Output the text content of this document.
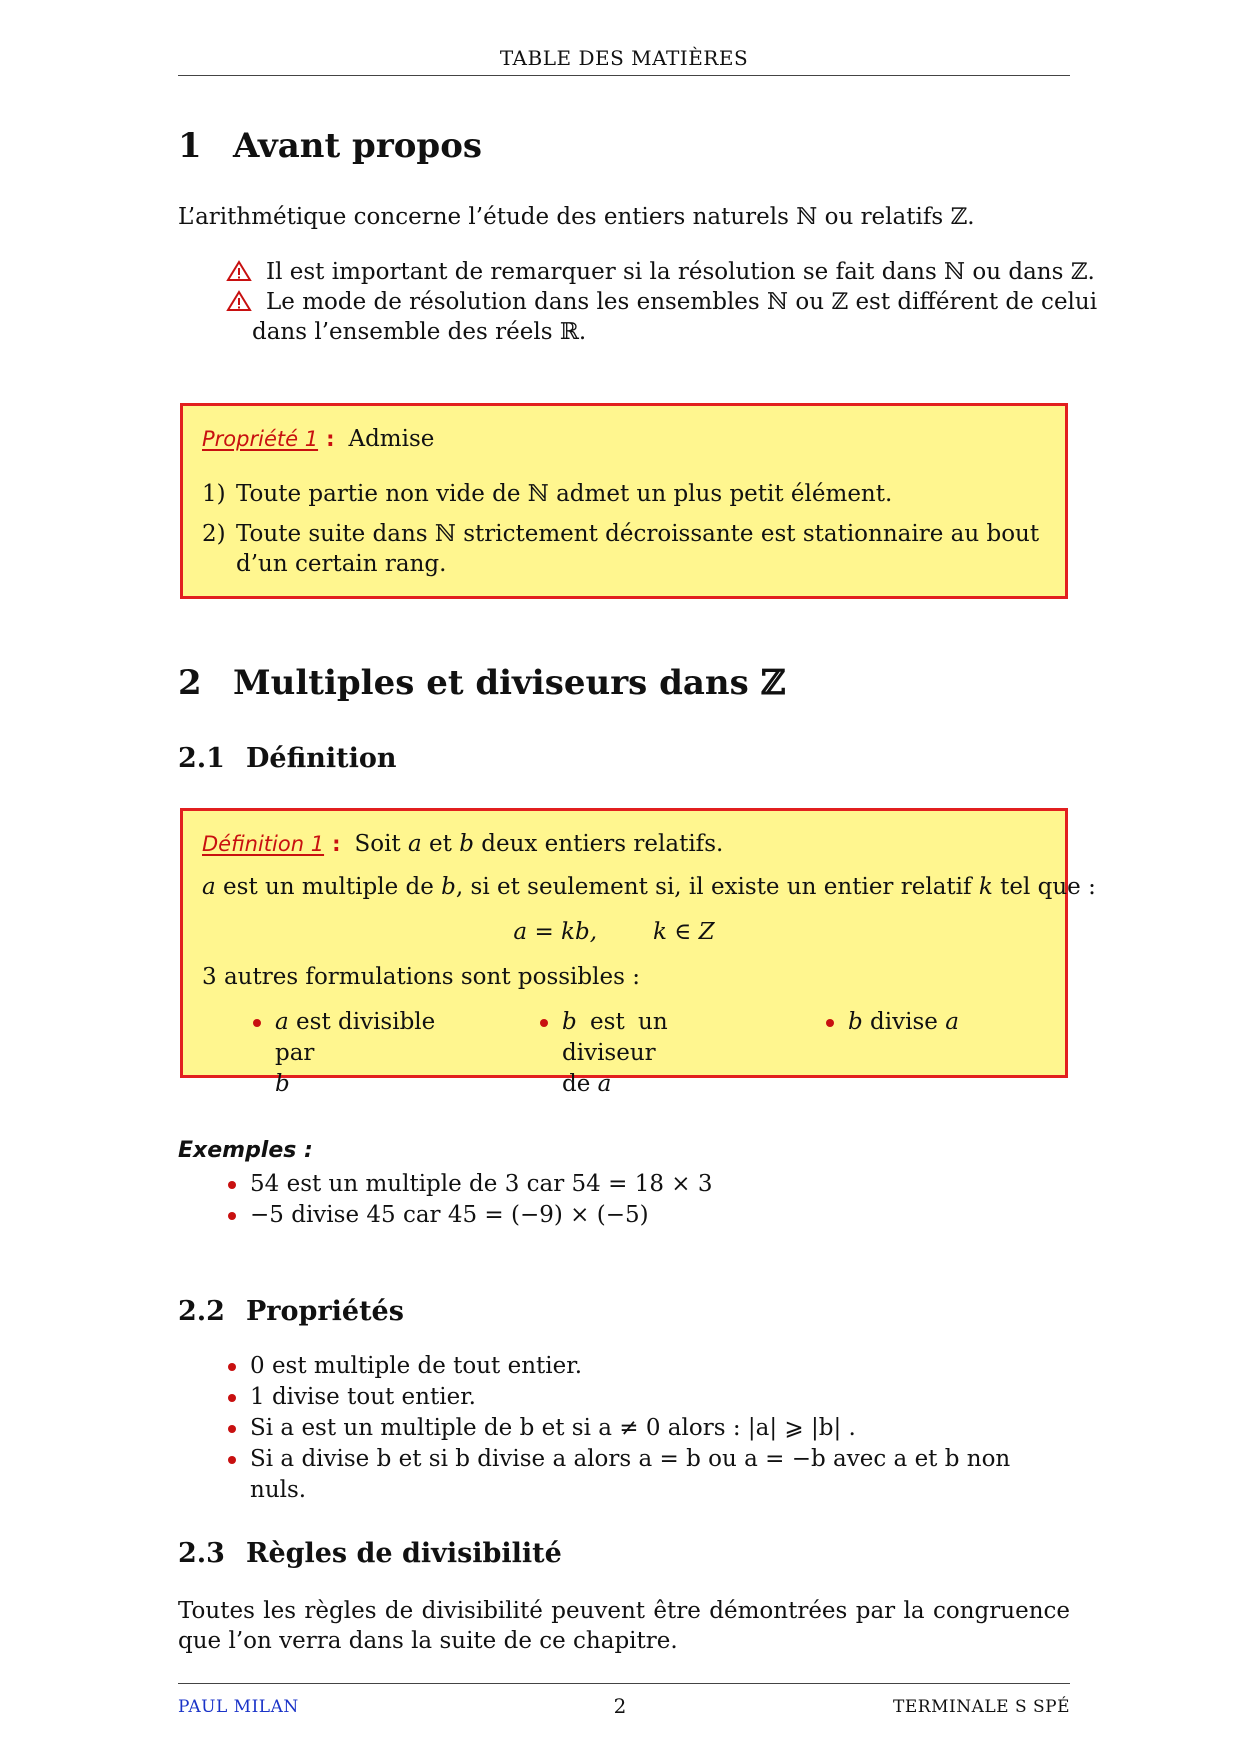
TABLE DES MATIÈRES
1 Avant propos

L’arithmétique concerne l’étude des entiers naturels ℕ ou relatifs ℤ.

Il est important de remarquer si la résolution se fait dans ℕ ou dans ℤ.
Le mode de résolution dans les ensembles ℕ ou ℤ est différent de celui
dans l’ensemble des réels ℝ.
Propriété 1 : Admise
1) Toute partie non vide de ℕ admet un plus petit élément.
2) Toute suite dans ℕ strictement décroissante est stationnaire au bout d’un certain rang.
2 Multiples et diviseurs dans ℤ
2.1 Définition
Définition 1 : Soit a et b deux entiers relatifs.
a est un multiple de b, si et seulement si, il existe un entier relatif k tel que :
a = kb, k ∈ Z
3 autres formulations sont possibles :
a est divisible par
b
b est un diviseur
de a
b divise a
Exemples :
54 est un multiple de 3 car 54 = 18 × 3
−5 divise 45 car 45 = (−9) × (−5)
2.2 Propriétés
0 est multiple de tout entier.
1 divise tout entier.
Si a est un multiple de b et si a ≠ 0 alors : |a| ⩾ |b| .
Si a divise b et si b divise a alors a = b ou a = −b avec a et b non nuls.
2.3 Règles de divisibilité

Toutes les règles de divisibilité peuvent être démontrées par la congruence que l’on verra dans la suite de ce chapitre.

PAUL MILAN	2	TERMINALE S SPÉ
